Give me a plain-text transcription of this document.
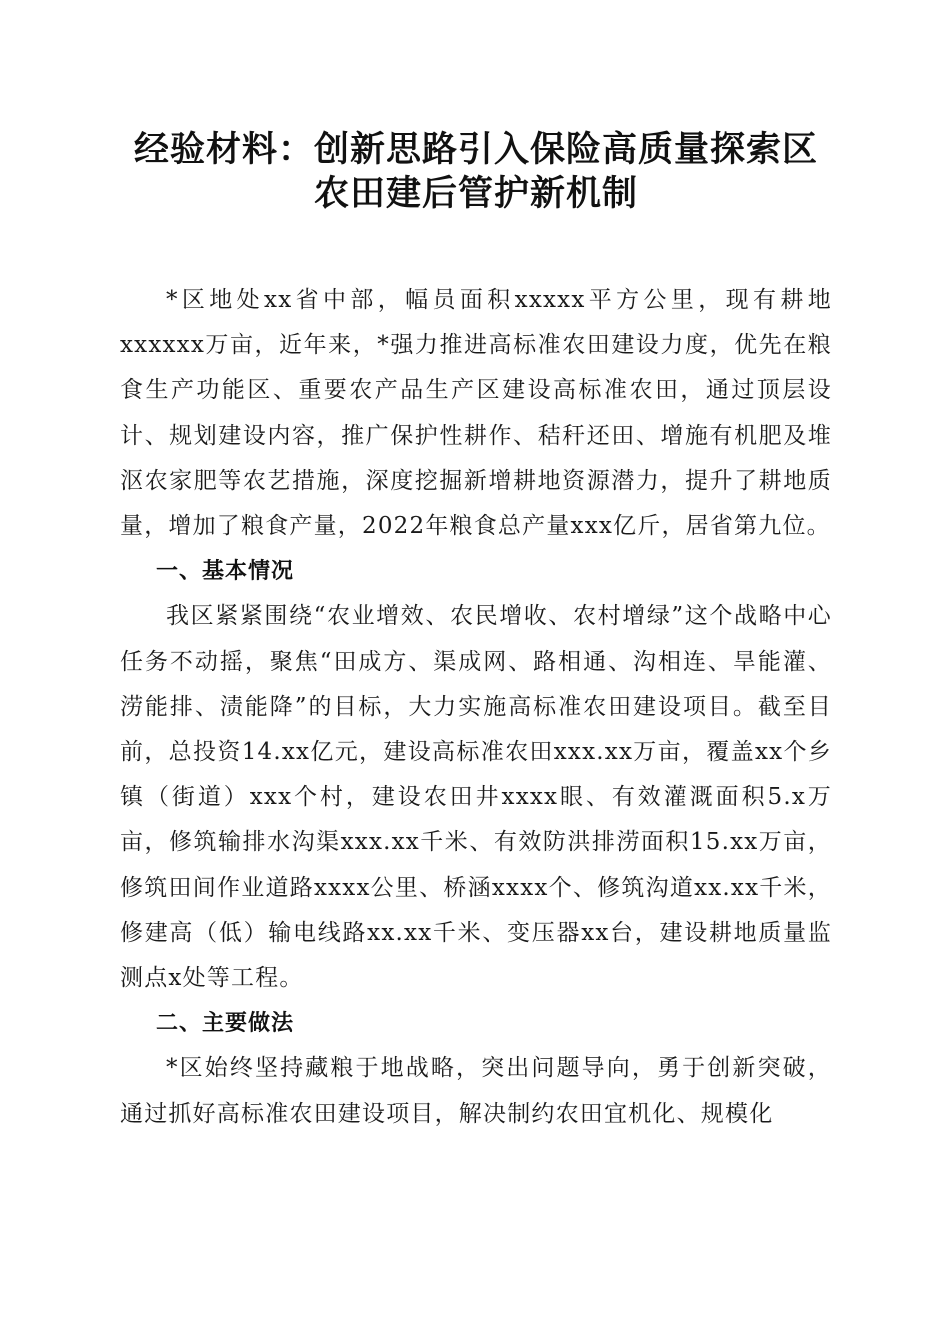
经验材料：创新思路引入保险高质量探索区农田建后管护新机制

*区地处xx省中部，幅员面积xxxxx平方公里，现有耕地xxxxxx万亩，近年来，*强力推进高标准农田建设力度，优先在粮食生产功能区、重要农产品生产区建设高标准农田，通过顶层设计、规划建设内容，推广保护性耕作、秸秆还田、增施有机肥及堆沤农家肥等农艺措施，深度挖掘新增耕地资源潜力，提升了耕地质量，增加了粮食产量，2022年粮食总产量xxx亿斤，居省第九位。

一、基本情况

我区紧紧围绕“农业增效、农民增收、农村增绿”这个战略中心任务不动摇，聚焦“田成方、渠成网、路相通、沟相连、旱能灌、涝能排、渍能降”的目标，大力实施高标准农田建设项目。截至目前，总投资14.xx亿元，建设高标准农田xxx.xx万亩，覆盖xx个乡镇（街道）xxx个村，建设农田井xxxx眼、有效灌溉面积5.x万亩，修筑输排水沟渠xxx.xx千米、有效防洪排涝面积15.xx万亩，修筑田间作业道路xxxx公里、桥涵xxxx个、修筑沟道xx.xx千米，修建高（低）输电线路xx.xx千米、变压器xx台，建设耕地质量监测点x处等工程。

二、主要做法

*区始终坚持藏粮于地战略，突出问题导向，勇于创新突破，通过抓好高标准农田建设项目，解决制约农田宜机化、规模化
